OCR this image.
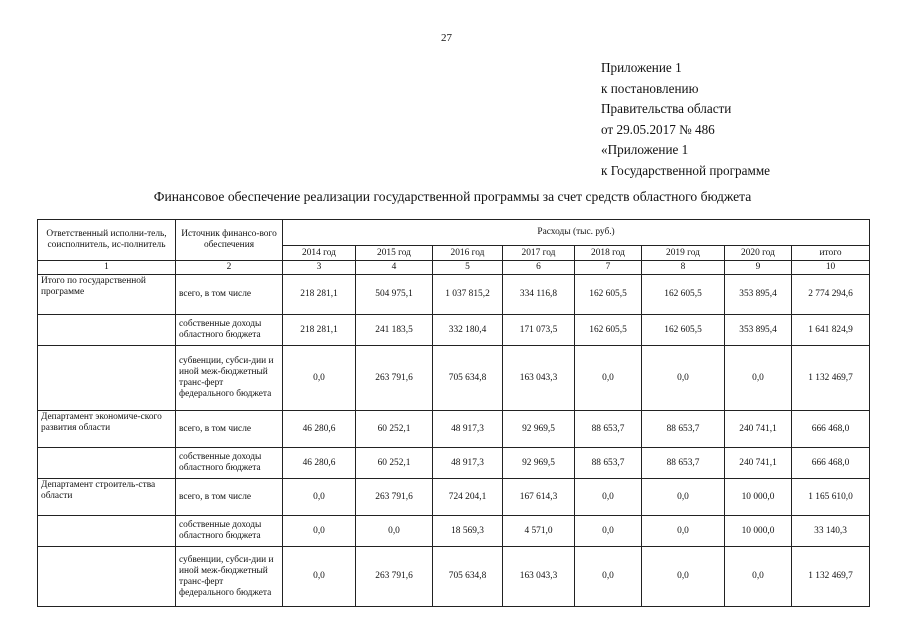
27
Приложение 1
к постановлению
Правительства области
от 29.05.2017 № 486
«Приложение 1
к Государственной программе
Финансовое обеспечение реализации государственной программы за счет средств областного бюджета
Ответственный исполни-тель, соисполнитель, ис-полнитель	Источник финансо-вого обеспечения	Расходы (тыс. руб.)							
		2014 год	2015 год	2016 год	2017 год	2018 год	2019 год	2020 год	итого
1	2	3	4	5	6	7	8	9	10
Итого по государственной программе	всего, в том числе	218 281,1	504 975,1	1 037 815,2	334 116,8	162 605,5	162 605,5	353 895,4	2 774 294,6
	собственные доходы областного бюджета	218 281,1	241 183,5	332 180,4	171 073,5	162 605,5	162 605,5	353 895,4	1 641 824,9
	субвенции, субси-дии и иной меж-бюджетный транс-ферт федерального бюджета	0,0	263 791,6	705 634,8	163 043,3	0,0	0,0	0,0	1 132 469,7
Департамент экономиче-ского развития области	всего, в том числе	46 280,6	60 252,1	48 917,3	92 969,5	88 653,7	88 653,7	240 741,1	666 468,0
	собственные доходы областного бюджета	46 280,6	60 252,1	48 917,3	92 969,5	88 653,7	88 653,7	240 741,1	666 468,0
Департамент строитель-ства области	всего, в том числе	0,0	263 791,6	724 204,1	167 614,3	0,0	0,0	10 000,0	1 165 610,0
	собственные доходы областного бюджета	0,0	0,0	18 569,3	4 571,0	0,0	0,0	10 000,0	33 140,3
	субвенции, субси-дии и иной меж-бюджетный транс-ферт федерального бюджета	0,0	263 791,6	705 634,8	163 043,3	0,0	0,0	0,0	1 132 469,7
